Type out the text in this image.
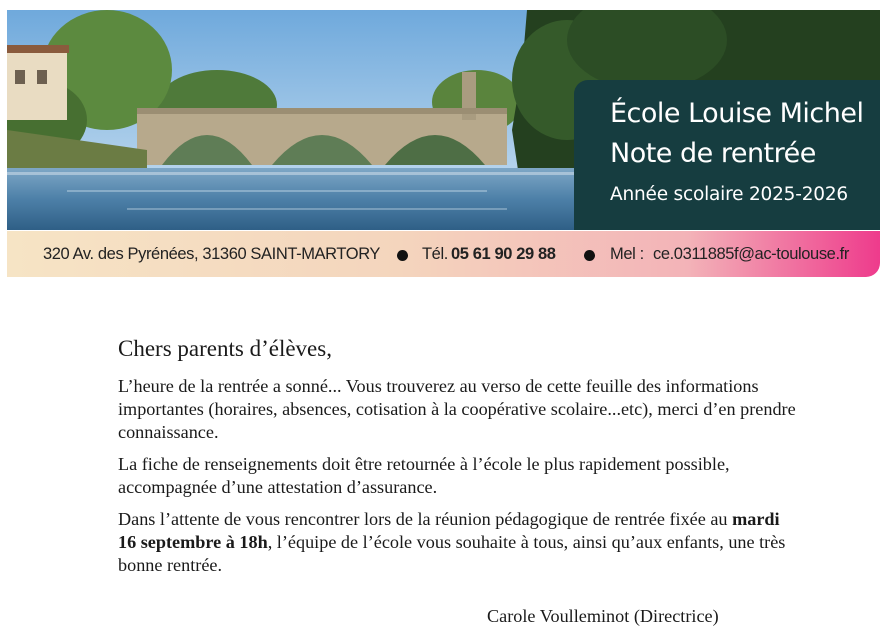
École Louise Michel
Note de rentrée
Année scolaire 2025-2026
320 Av. des Pyrénées, 31360 SAINT-MARTORY	Tél. 05 61 90 29 88	Mel : ce.0311885f@ac-toulouse.fr

Chers parents d’élèves,

L’heure de la rentrée a sonné... Vous trouverez au verso de cette feuille des informations importantes (horaires, absences, cotisation à la coopérative scolaire...etc), merci d’en prendre connaissance.

La fiche de renseignements doit être retournée à l’école le plus rapidement possible, accompagnée d’une attestation d’assurance.

Dans l’attente de vous rencontrer lors de la réunion pédagogique de rentrée fixée au mardi 16 septembre à 18h, l’équipe de l’école vous souhaite à tous, ainsi qu’aux enfants, une très bonne rentrée.

Carole Voulleminot (Directrice)
